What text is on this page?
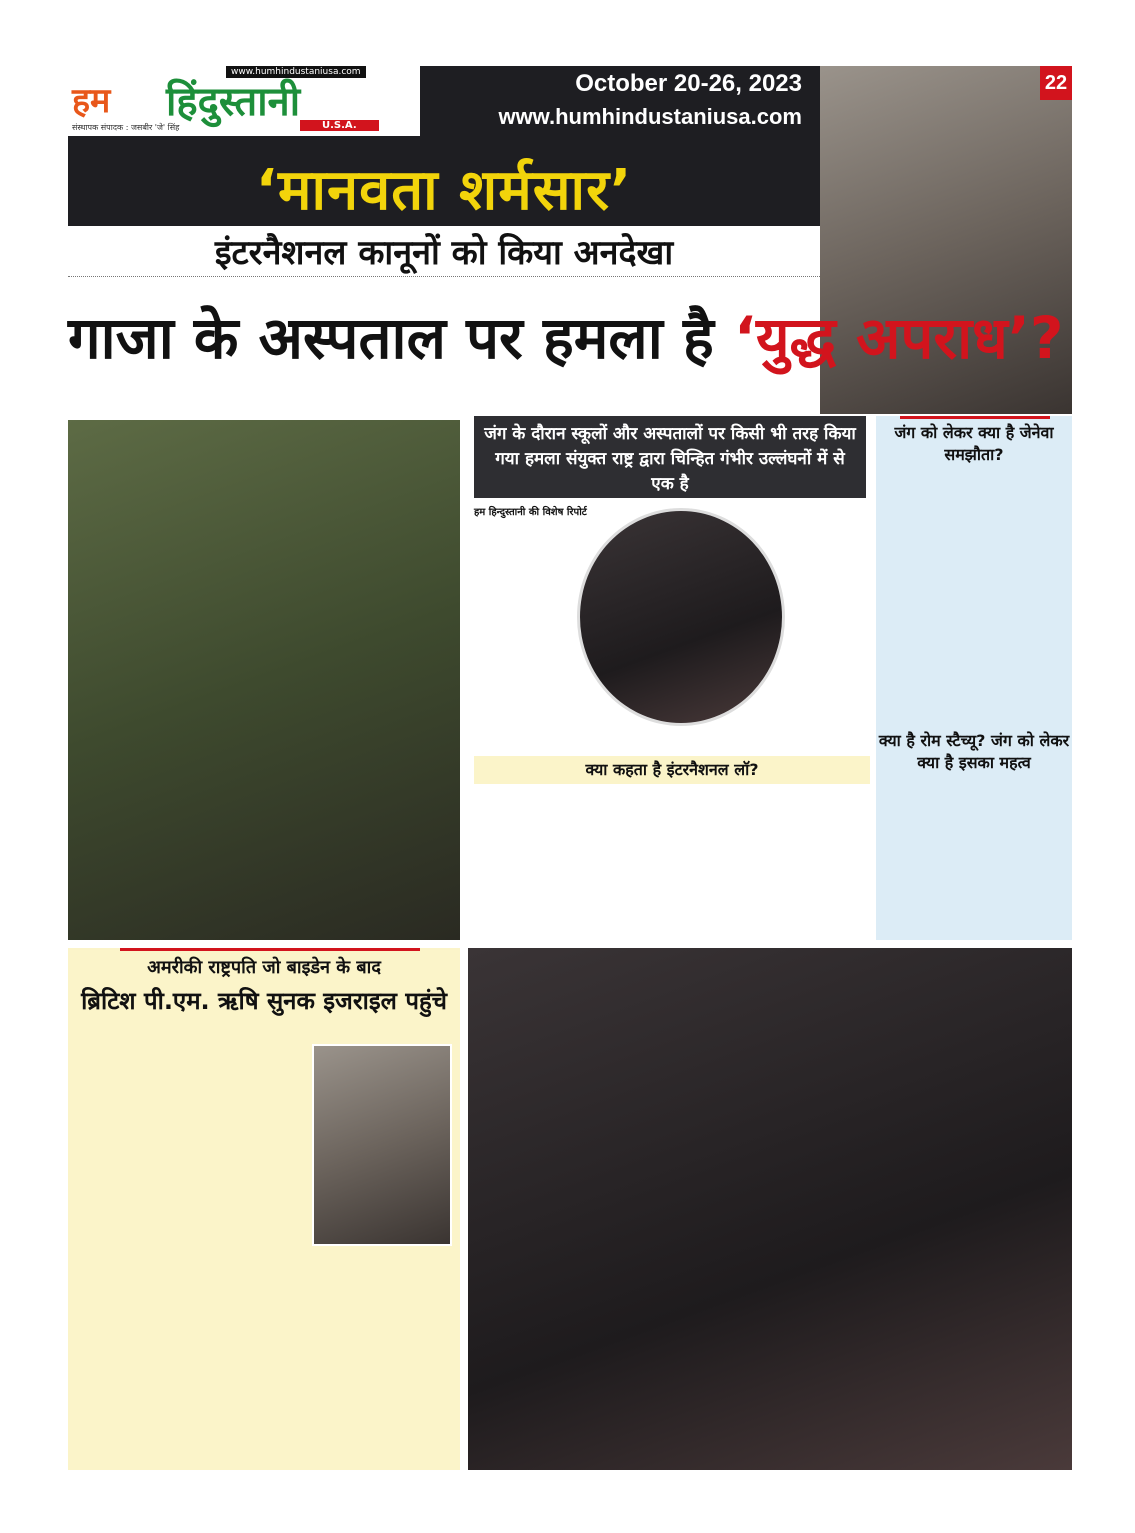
हम हिंदुस्तानी
www.humhindustaniusa.com
U.S.A.
संस्थापक संपादक : जसबीर 'जे' सिंह
October 20-26, 2023
www.humhindustaniusa.com
22
‘मानवता शर्मसार’
इंटरनैशनल कानूनों को किया अनदेखा
गाजा के अस्पताल पर हमला है ‘युद्ध अपराध’?
जंग के दौरान स्कूलों और अस्पतालों पर किसी भी तरह किया गया हमला संयुक्त राष्ट्र द्वारा चिन्हित गंभीर उल्लंघनों में से एक है
हम हिन्दुस्तानी की विशेष रिपोर्ट
क्या कहता है इंटरनैशनल लॉ?
जंग को लेकर क्या है जेनेवा समझौता?
क्या है रोम स्टैच्यू? जंग को लेकर क्या है इसका महत्व
अमरीकी राष्ट्रपति जो बाइडेन के बाद
ब्रिटिश पी.एम. ऋषि सुनक इजराइल पहुंचे
